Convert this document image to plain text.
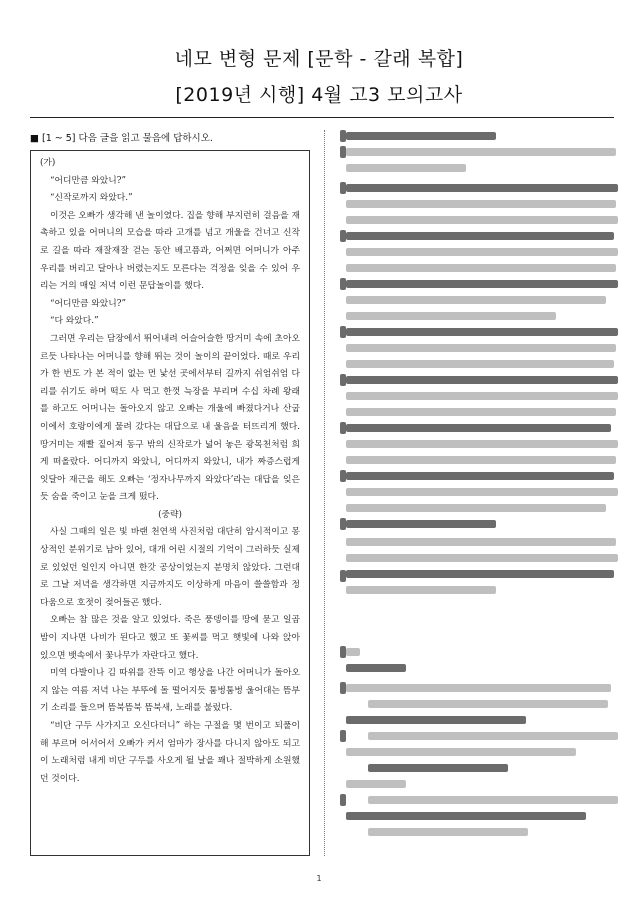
네모 변형 문제 [문학 - 갈래 복합]
[2019년 시행] 4월 고3 모의고사
■ [1 ~ 5] 다음 글을 읽고 물음에 답하시오.

(가)

“어디만큼 와았니?”

“신작로까지 와았다.”

이것은 오빠가 생각해 낸 놀이였다. 집을 향해 부지런히 걸음을 재촉하고 있을 어머니의 모습을 따라 고개를 넘고 개울을 건너고 신작로 길을 따라 재잘재잘 걷는 동안 배고픔과, 어쩌면 어머니가 아주 우리를 버리고 달아나 버렸는지도 모른다는 걱정을 잊을 수 있어 우리는 거의 매일 저녁 이런 문답놀이를 했다.

“어디만큼 와았니?”

“다 와았다.”

그러면 우리는 담장에서 뛰어내려 어슬어슬한 땅거미 속에 초아오르듯 나타나는 어머니를 향해 뛰는 것이 놀이의 끝이었다. 때로 우리가 한 번도 가 본 적이 없는 먼 낯선 곳에서부터 길까지 쉬엄쉬엄 다리를 쉬기도 하며 떡도 사 먹고 한껏 늑장을 부리며 수십 차례 왕래를 하고도 어머니는 돌아오지 않고 오빠는 개울에 빠졌다거나 산굽이에서 호랑이에게 물려 갔다는 대답으로 내 울음을 터뜨리게 했다. 땅거미는 재빨 짙어져 동구 밖의 신작로가 넓어 놓은 광목천처럼 희게 떠올랐다. 어디까지 와았니, 어디까지 와았니, 내가 짜증스럽게 잇달아 재근을 해도 오빠는 ‘정자나무까지 와았다’라는 대답을 잊은 듯 숨을 죽이고 눈을 크게 떴다.

(중략)

사실 그때의 일은 빛 바랜 천연색 사진처럼 대단히 암시적이고 몽상적인 분위기로 남아 있어, 대개 어린 시절의 기억이 그러하듯 실제로 있었던 일인지 아니면 한갓 공상이었는지 분명치 않았다. 그런대로 그날 저녁을 생각하면 지금까지도 이상하게 마음이 쓸쓸함과 정다움으로 호젓이 젖어들곤 했다.

오빠는 참 많은 것을 알고 있었다. 죽은 풍뎅이를 땅에 묻고 일곱 밤이 지나면 나비가 된다고 했고 또 꽃씨를 먹고 햇빛에 나와 앉아 있으면 뱃속에서 꽃나무가 자란다고 했다.

미역 다발이나 김 따위를 잔뜩 이고 행상을 나간 어머니가 돌아오지 않는 여름 저녁 나는 부뚜에 돌 떨어지듯 툼벙툼벙 울어대는 뜸부기 소리를 들으며 뜸북뜸북 뜸북새, 노래를 불렀다.

“비단 구두 사가지고 오신다더니” 하는 구절을 몇 번이고 되풀이해 부르며 어서어서 오빠가 커서 엄마가 장사를 다니지 않아도 되고 이 노래처럼 내게 비단 구두를 사오게 될 날을 꽤나 절박하게 소원했던 것이다.

1
